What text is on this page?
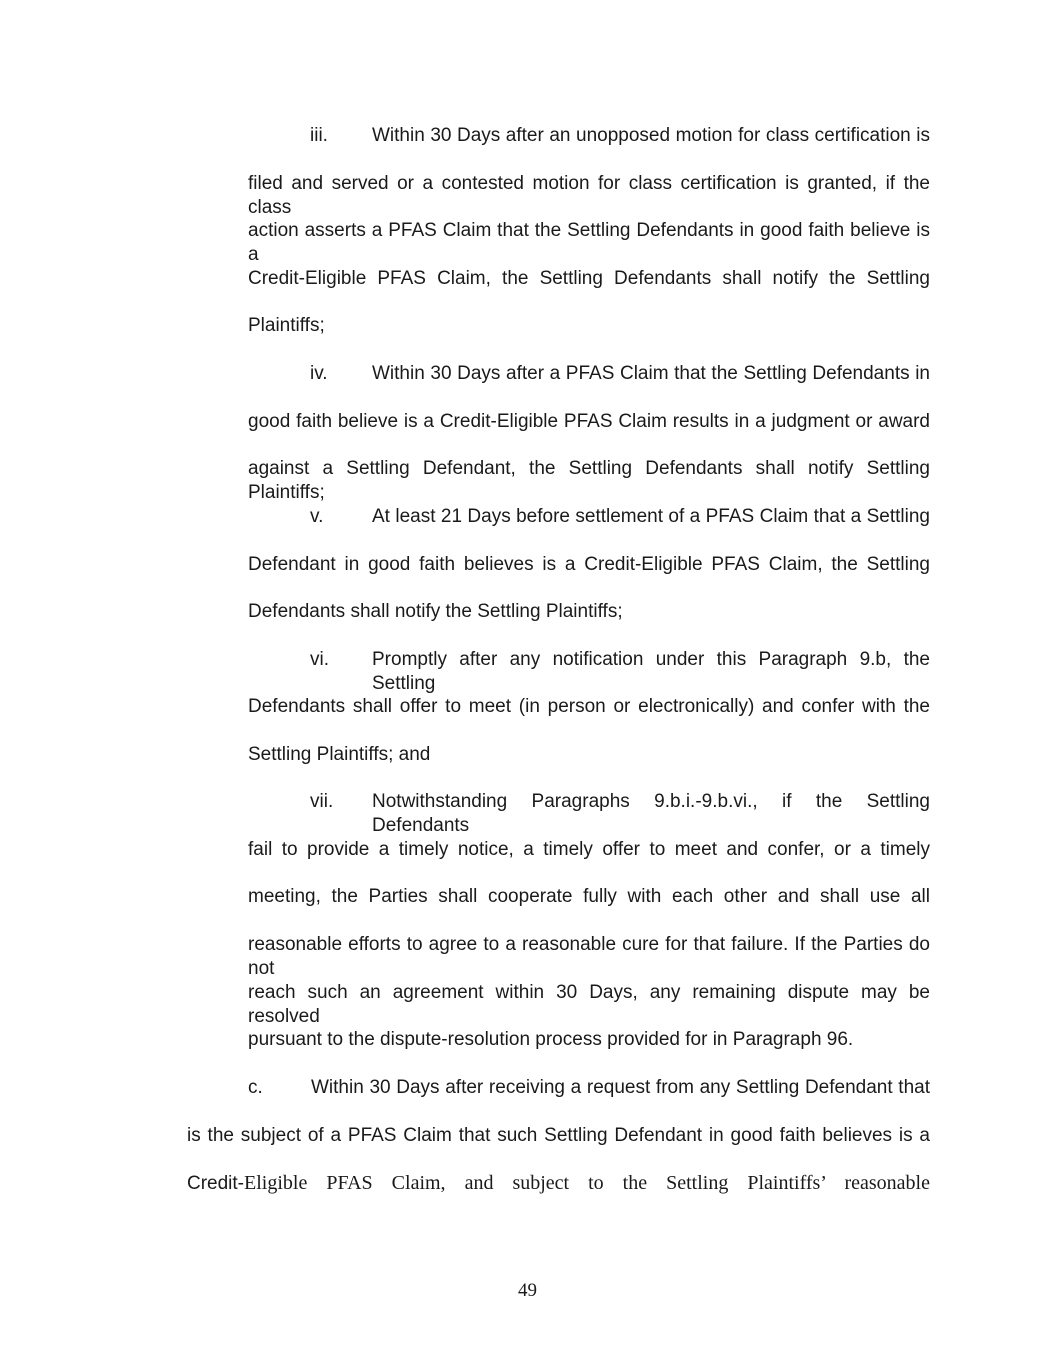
iii. Within 30 Days after an unopposed motion for class certification is
filed and served or a contested motion for class certification is granted, if the class
action asserts a PFAS Claim that the Settling Defendants in good faith believe is a
Credit-Eligible PFAS Claim, the Settling Defendants shall notify the Settling
Plaintiffs;
iv. Within 30 Days after a PFAS Claim that the Settling Defendants in
good faith believe is a Credit-Eligible PFAS Claim results in a judgment or award
against a Settling Defendant, the Settling Defendants shall notify Settling Plaintiffs;
v.	At least 21 Days before settlement of a PFAS Claim that a Settling
Defendant in good faith believes is a Credit-Eligible PFAS Claim, the Settling
Defendants shall notify the Settling Plaintiffs;
vi. Promptly after any notification under this Paragraph 9.b, the Settling
Defendants shall offer to meet (in person or electronically) and confer with the
Settling Plaintiffs; and
vii. Notwithstanding Paragraphs 9.b.i.-9.b.vi., if the Settling Defendants
fail to provide a timely notice, a timely offer to meet and confer, or a timely
meeting, the Parties shall cooperate fully with each other and shall use all
reasonable efforts to agree to a reasonable cure for that failure. If the Parties do not
reach such an agreement within 30 Days, any remaining dispute may be resolved
pursuant to the dispute-resolution process provided for in Paragraph 96.
c.	Within 30 Days after receiving a request from any Settling Defendant that
is the subject of a PFAS Claim that such Settling Defendant in good faith believes is a
Credit-Eligible PFAS Claim, and subject to the Settling Plaintiffs’ reasonable
49
